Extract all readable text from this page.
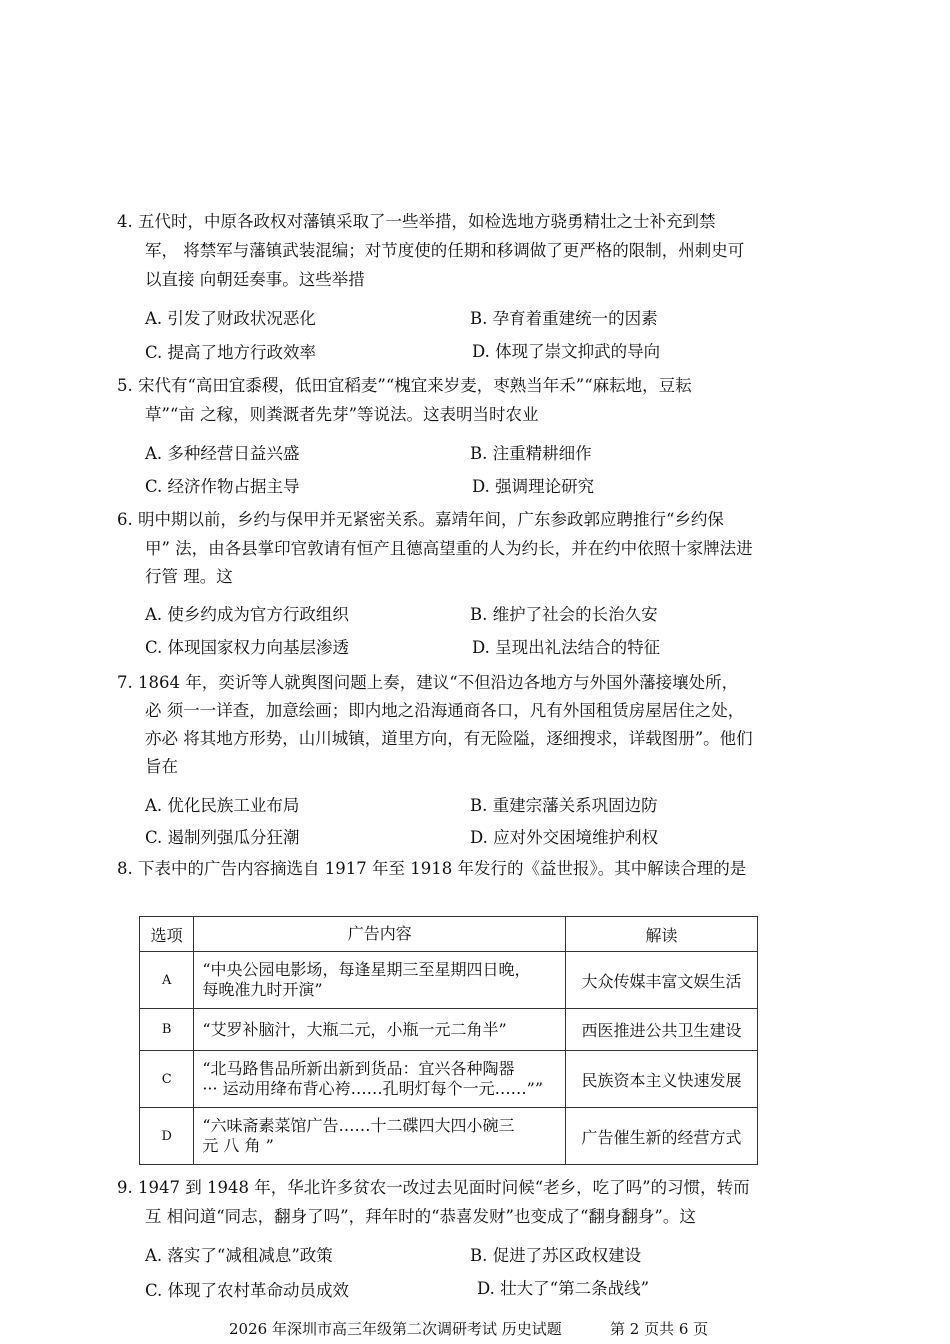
4. 五代时，中原各政权对藩镇采取了一些举措，如检选地方骁勇精壮之士补充到禁
军， 将禁军与藩镇武装混编；对节度使的任期和移调做了更严格的限制，州刺史可
以直接 向朝廷奏事。这些举措
A. 引发了财政状况恶化	B. 孕育着重建统一的因素
C. 提高了地方行政效率	D. 体现了崇文抑武的导向
5. 宋代有“高田宜黍稷，低田宜稻麦”“槐宜来岁麦，枣熟当年禾”“麻耘地，豆耘
草”“亩 之稼，则粪溉者先芽”等说法。这表明当时农业
A. 多种经营日益兴盛	B. 注重精耕细作
C. 经济作物占据主导	D. 强调理论研究
6. 明中期以前，乡约与保甲并无紧密关系。嘉靖年间，广东参政郭应聘推行“乡约保
甲” 法，由各县掌印官敦请有恒产且德高望重的人为约长，并在约中依照十家牌法进
行管 理。这
A. 使乡约成为官方行政组织	B. 维护了社会的长治久安
C. 体现国家权力向基层渗透	D. 呈现出礼法结合的特征
7. 1864 年，奕䜣等人就舆图问题上奏，建议“不但沿边各地方与外国外藩接壤处所，
必 须一一详查，加意绘画；即内地之沿海通商各口，凡有外国租赁房屋居住之处，
亦必 将其地方形势，山川城镇，道里方向，有无险隘，逐细搜求，详载图册”。他们
旨在
A. 优化民族工业布局	B. 重建宗藩关系巩固边防
C. 遏制列强瓜分狂潮	D. 应对外交困境维护利权
8. 下表中的广告内容摘选自 1917 年至 1918 年发行的《益世报》。其中解读合理的是
选项	广告内容	解读
A	“中央公园电影场，每逢星期三至星期四日晚，
每晚准九时开演”	大众传媒丰富文娱生活
B	“艾罗补脑汁，大瓶二元，小瓶一元二角半”	西医推进公共卫生建设
C	“北马路售品所新出新到货品：宜兴各种陶器
··· 运动用绛布背心袴……孔明灯每个一元……””	民族资本主义快速发展
D	“六味斋素菜馆广告……十二碟四大四小碗三
元 八 角 ”	广告催生新的经营方式
9. 1947 到 1948 年，华北许多贫农一改过去见面时问候“老乡，吃了吗”的习惯，转而
互 相问道“同志，翻身了吗”，拜年时的“恭喜发财”也变成了“翻身翻身”。这
A. 落实了“减租减息”政策	B. 促进了苏区政权建设
C. 体现了农村革命动员成效	D. 壮大了“第二条战线”
2026 年深圳市高三年级第二次调研考试 历史试题	第 2 页共 6 页
